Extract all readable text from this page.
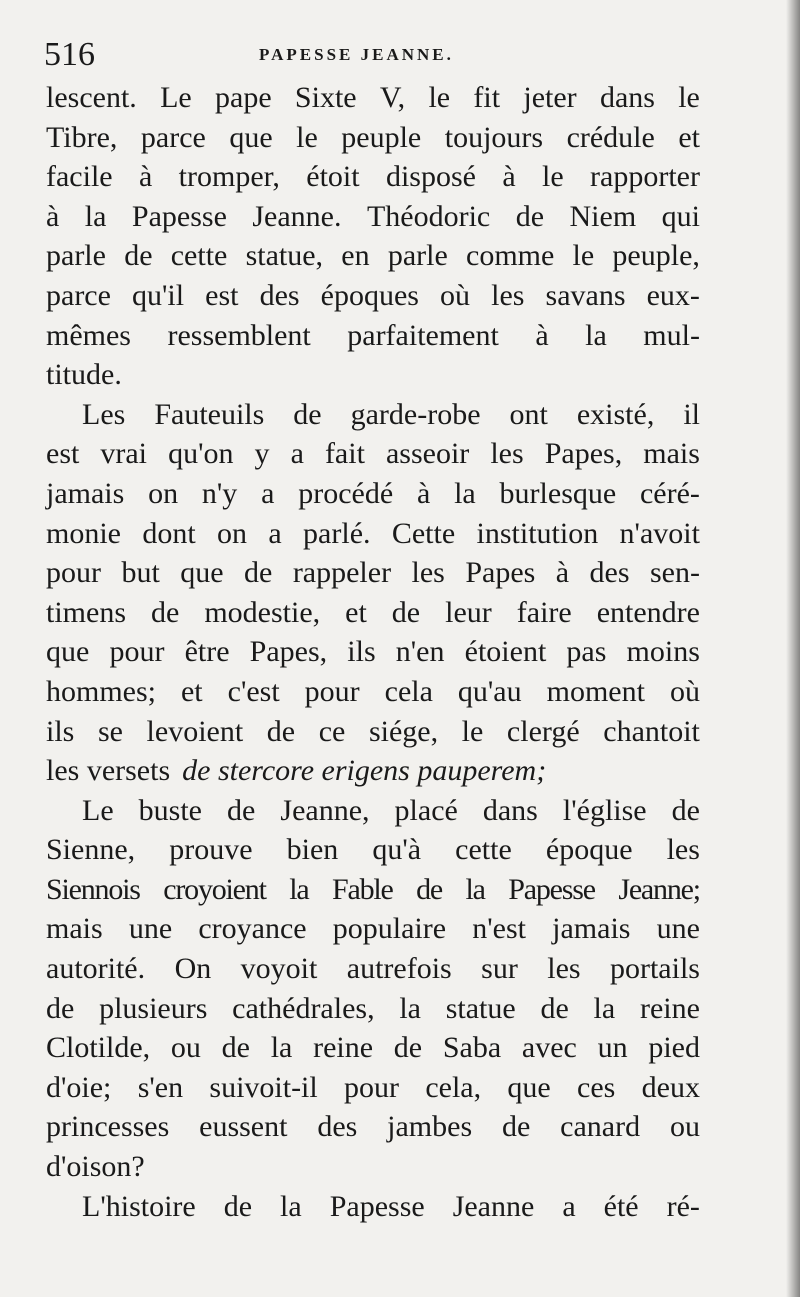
516	PAPESSE JEANNE.
lescent. Le pape Sixte V, le fit jeter dans le
Tibre, parce que le peuple toujours crédule et
facile à tromper, étoit disposé à le rapporter
à la Papesse Jeanne. Théodoric de Niem qui
parle de cette statue, en parle comme le peuple,
parce qu'il est des époques où les savans eux-
mêmes ressemblent parfaitement à la mul-
titude.
Les Fauteuils de garde-robe ont existé, il
est vrai qu'on y a fait asseoir les Papes, mais
jamais on n'y a procédé à la burlesque céré-
monie dont on a parlé. Cette institution n'avoit
pour but que de rappeler les Papes à des sen-
timens de modestie, et de leur faire entendre
que pour être Papes, ils n'en étoient pas moins
hommes; et c'est pour cela qu'au moment où
ils se levoient de ce siége, le clergé chantoit
les versets de stercore erigens pauperem;
Le buste de Jeanne, placé dans l'église de
Sienne, prouve bien qu'à cette époque les
Siennois croyoient la Fable de la Papesse Jeanne;
mais une croyance populaire n'est jamais une
autorité. On voyoit autrefois sur les portails
de plusieurs cathédrales, la statue de la reine
Clotilde, ou de la reine de Saba avec un pied
d'oie; s'en suivoit-il pour cela, que ces deux
princesses eussent des jambes de canard ou
d'oison?
L'histoire de la Papesse Jeanne a été ré-
